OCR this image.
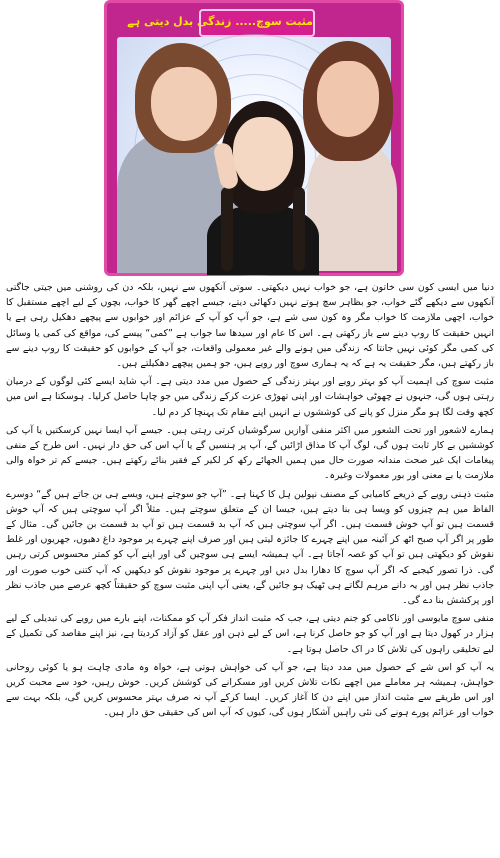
مثبت سوچ..... زندگی بدل دیتی ہے

دنیا میں ایسی کون سی خاتون ہے، جو خواب نہیں دیکھتی۔ سوتی آنکھوں سے نہیں، بلکہ دن کی روشنی میں جیتی جاگتی آنکھوں سے دیکھے گئے خواب، جو بظاہر سچ ہوتے نہیں دکھائی دیتے، جیسے اچھے گھر کا خواب، بچوں کے لیے اچھے مستقبل کا خواب، اچھی ملازمت کا خواب مگر وہ کون سی شے ہے، جو آپ کو آپ کے عزائم اور خوابوں سے پیچھے دھکیل رہی ہے یا انہیں حقیقت کا روپ دینے سے باز رکھتی ہے۔ اس کا عام اور سیدھا سا جواب ہے ”کمی“ پیسے کی، مواقع کی کمی یا وسائل کی کمی مگر کوئی نہیں جانتا کہ زندگی میں ہونے والے غیر معمولی واقعات، جو آپ کے خوابوں کو حقیقت کا روپ دینے سے باز رکھتے ہیں، مگر حقیقت یہ ہے کہ یہ ہماری سوچ اور رویے ہیں، جو ہمیں پیچھے دھکیلتے ہیں۔

مثبت سوچ کی اہمیت آپ کو بہتر رویے اور بہتر زندگی کے حصول میں مدد دیتی ہے۔ آپ شاید ایسے کئی لوگوں کے درمیان رہتی ہوں گی، جنہوں نے چھوٹی خواہشات اور اپنی تھوڑی عزت کرکے زندگی میں جو چاہا حاصل کرلیا۔ ہوسکتا ہے اس میں کچھ وقت لگا ہو مگر منزل کو پانے کی کوششوں نے انہیں اپنے مقام تک پہنچا کر دم لیا۔

ہمارے لاشعور اور تحت الشعور میں اکثر منفی آوازیں سرگوشیاں کرتی رہتی ہیں۔ جیسے آپ ایسا نہیں کرسکتیں یا آپ کی کوششیں بے کار ثابت ہوں گی، لوگ آپ کا مذاق اڑائیں گے، آپ پر ہنسیں گے یا آپ اس کی حق دار نہیں۔ اس طرح کے منفی پیغامات ایک غیر صحت مندانہ صورت حال میں ہمیں الجھائے رکھ کر لکیر کے فقیر بنائے رکھتے ہیں۔ جیسے کم تر خواہ والی ملازمت یا بے معنی اور بور معمولات وغیرہ۔

مثبت ذہنی رویے کے ذریعے کامیابی کے مصنف نپولین ہل کا کہنا ہے۔ ”آپ جو سوچتے ہیں، ویسے ہی بن جاتے ہیں گے“ دوسرے الفاظ میں ہم چیزوں کو ویسا ہی بنا دیتے ہیں، جیسا ان کے متعلق سوچتے ہیں۔ مثلاً اگر آپ سوچتی ہیں کہ آپ خوش قسمت ہیں تو آپ خوش قسمت ہیں۔ اگر آپ سوچتی ہیں کہ آپ بد قسمت ہیں تو آپ بد قسمت بن جائیں گی۔ مثال کے طور پر اگر آپ صبح اٹھ کر آئینہ میں اپنے چہرے کا جائزہ لیتی ہیں اور صرف اپنے چہرے پر موجود داغ دھبوں، جھریوں اور غلط نقوش کو دیکھتی ہیں تو آپ کو غصہ آجاتا ہے۔ آپ ہمیشہ ایسے ہی سوچیں گی اور اپنے آپ کو کمتر محسوس کرتی رہیں گی۔ ذرا تصور کیجیے کہ اگر آپ سوچ کا دھارا بدل دیں اور چہرے پر موجود نقوش کو دیکھیں کہ آپ کتنی خوب صورت اور جاذب نظر ہیں اور یہ دانے مرہم لگاتے ہی ٹھیک ہو جائیں گے، یعنی آپ اپنی مثبت سوچ کو حقیقتاً کچھ عرصے میں جاذب نظر اور پرکشش بنا دے گی۔

منفی سوچ مایوسی اور ناکامی کو جنم دیتی ہے، جب کہ مثبت انداز فکر آپ کو ممکنات، اپنے بارے میں رویے کی تبدیلی کے لیے ہزار در کھول دیتا ہے اور آپ کو جو حاصل کرنا ہے، اس کے لیے ذہن اور عقل کو آزاد کردیتا ہے، نیز اپنے مقاصد کی تکمیل کے لیے تخلیقی راہوں کی تلاش کا در اک حاصل ہوتا ہے۔

یہ آپ کو اس شے کے حصول میں مدد دیتا ہے، جو آپ کی خواہش ہوتی ہے، خواہ وہ مادی چاہت ہو یا کوئی روحانی خواہش، ہمیشہ ہر معاملے میں اچھے نکات تلاش کریں اور مسکرانے کی کوشش کریں۔ خوش رہیں، خود سے محبت کریں اور اس طریقے سے مثبت انداز میں اپنے دن کا آغاز کریں۔ ایسا کرکے آپ نہ صرف بہتر محسوس کریں گی، بلکہ بہت سے خواب اور عزائم پورے ہونے کی نئی راہیں آشکار ہوں گی، کیوں کہ آپ اس کی حقیقی حق دار ہیں۔
